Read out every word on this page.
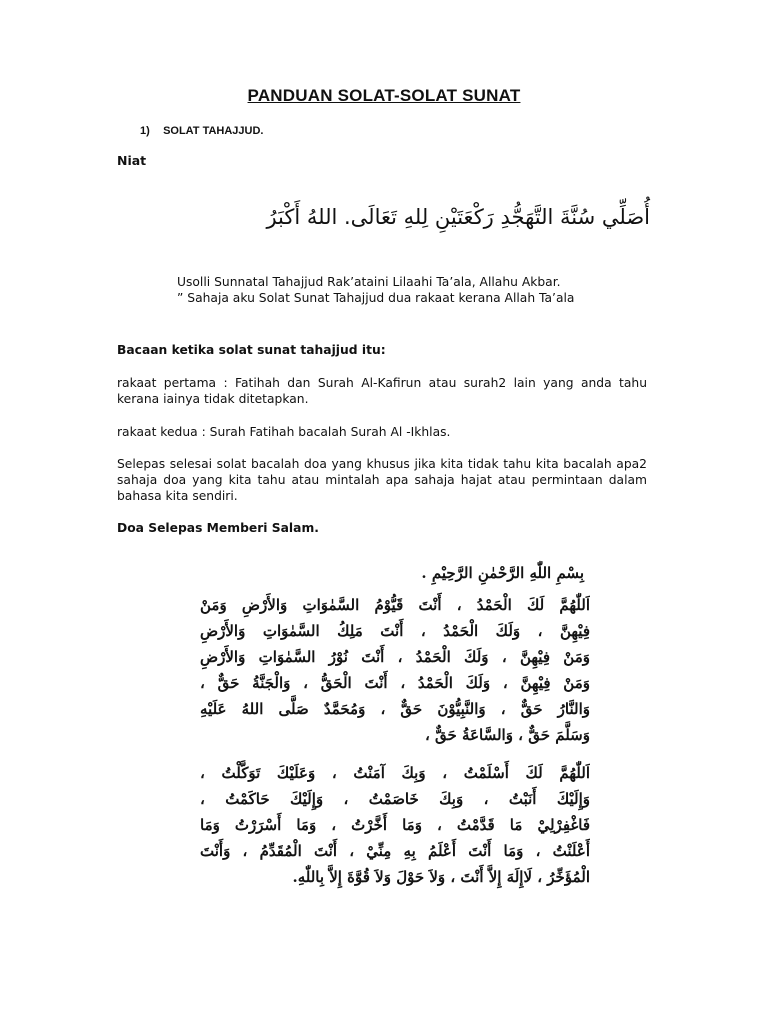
PANDUAN SOLAT-SOLAT SUNAT
1) SOLAT TAHAJJUD.
Niat
أُصَلِّي سُنَّةَ التَّهَجُّدِ رَكْعَتَيْنِ لِلهِ تَعَالَى. اللهُ أَكْبَرُ
Usolli Sunnatal Tahajjud Rak’ataini Lilaahi Ta’ala, Allahu Akbar.
” Sahaja aku Solat Sunat Tahajjud dua rakaat kerana Allah Ta’ala
Bacaan ketika solat sunat tahajjud itu:
rakaat pertama : Fatihah dan Surah Al-Kafirun atau surah2 lain yang anda tahu kerana iainya tidak ditetapkan.
rakaat kedua : Surah Fatihah bacalah Surah Al -Ikhlas.
Selepas selesai solat bacalah doa yang khusus jika kita tidak tahu kita bacalah apa2 sahaja doa yang kita tahu atau mintalah apa sahaja hajat atau permintaan dalam bahasa kita sendiri.
Doa Selepas Memberi Salam.
بِسْمِ اللّٰهِ الرَّحْمٰنِ الرَّحِيْمِ .
اَللّٰهُمَّ لَكَ الْحَمْدُ ، أَنْتَ قَيُّوْمُ السَّمٰوَاتِ وَالأَرْضِ وَمَنْ
فِيْهِنَّ ، وَلَكَ الْحَمْدُ ، أَنْتَ مَلِكُ السَّمٰوَاتِ وَالأَرْضِ
وَمَنْ فِيْهِنَّ ، وَلَكَ الْحَمْدُ ، أَنْتَ نُوْرُ السَّمٰوَاتِ وَالأَرْضِ
وَمَنْ فِيْهِنَّ ، وَلَكَ الْحَمْدُ ، أَنْتَ الْحَقُّ ، وَالْجَنَّةُ حَقٌّ ،
وَالنَّارُ حَقٌّ ، وَالنَّبِيُّوْنَ حَقٌّ ، وَمُحَمَّدٌ صَلَّى اللهُ عَلَيْهِ
وَسَلَّمَ حَقٌّ ، وَالسَّاعَةُ حَقٌّ ،
اَللّٰهُمَّ لَكَ أَسْلَمْتُ ، وَبِكَ آمَنْتُ ، وَعَلَيْكَ تَوَكَّلْتُ ،
وَإِلَيْكَ أَنَبْتُ ، وَبِكَ خَاصَمْتُ ، وَإِلَيْكَ حَاكَمْتُ ،
فَاغْفِرْلِيْ مَا قَدَّمْتُ ، وَمَا أَخَّرْتُ ، وَمَا أَسْرَرْتُ وَمَا
أَعْلَنْتُ ، وَمَا أَنْتَ أَعْلَمُ بِهِ مِنِّيْ ، أَنْتَ الْمُقَدِّمُ ، وَأَنْتَ
الْمُؤَخِّرُ ، لَاإِلَهَ إِلاَّ أَنْتَ ، وَلاَ حَوْلَ وَلاَ قُوَّةَ إِلاَّ بِاللّٰهِ.
